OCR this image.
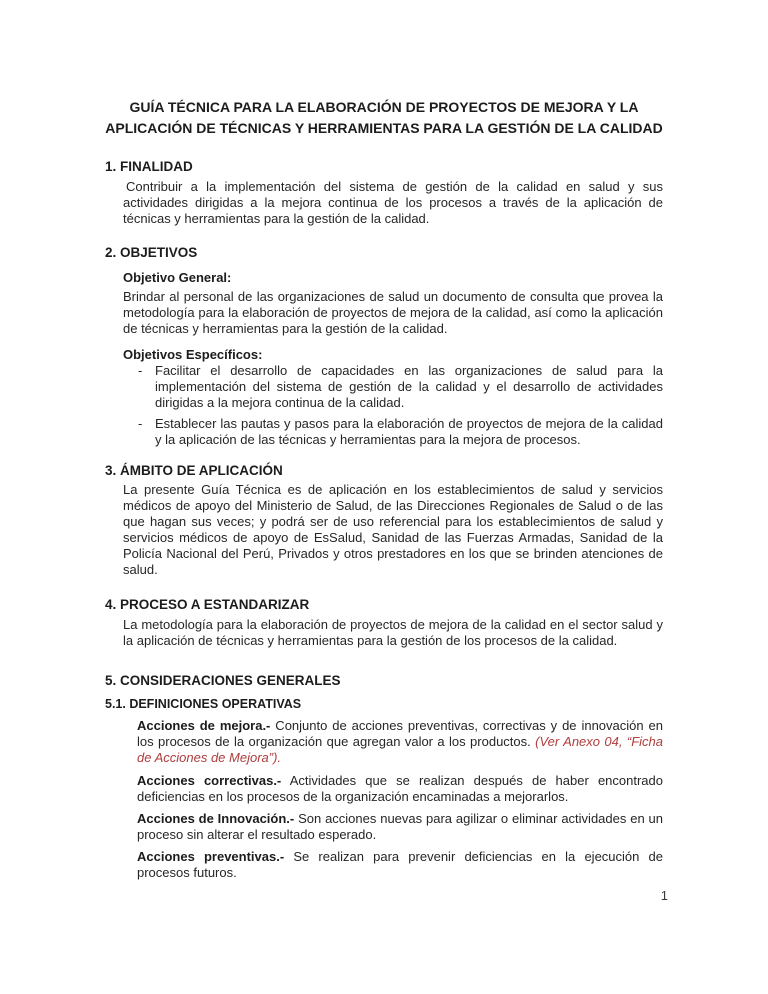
GUÍA TÉCNICA PARA LA ELABORACIÓN DE PROYECTOS DE MEJORA Y LA APLICACIÓN DE TÉCNICAS Y HERRAMIENTAS PARA LA GESTIÓN DE LA CALIDAD
1. FINALIDAD

Contribuir a la implementación del sistema de gestión de la calidad en salud y sus actividades dirigidas a la mejora continua de los procesos a través de la aplicación de técnicas y herramientas para la gestión de la calidad.

2. OBJETIVOS
Objetivo General:

Brindar al personal de las organizaciones de salud un documento de consulta que provea la metodología para la elaboración de proyectos de mejora de la calidad, así como la aplicación de técnicas y herramientas para la gestión de la calidad.

Objetivos Específicos:
- Facilitar el desarrollo de capacidades en las organizaciones de salud para la implementación del sistema de gestión de la calidad y el desarrollo de actividades dirigidas a la mejora continua de la calidad.
- Establecer las pautas y pasos para la elaboración de proyectos de mejora de la calidad y la aplicación de las técnicas y herramientas para la mejora de procesos.
3. ÁMBITO DE APLICACIÓN

La presente Guía Técnica es de aplicación en los establecimientos de salud y servicios médicos de apoyo del Ministerio de Salud, de las Direcciones Regionales de Salud o de las que hagan sus veces; y podrá ser de uso referencial para los establecimientos de salud y servicios médicos de apoyo de EsSalud, Sanidad de las Fuerzas Armadas, Sanidad de la Policía Nacional del Perú, Privados y otros prestadores en los que se brinden atenciones de salud.

4. PROCESO A ESTANDARIZAR

La metodología para la elaboración de proyectos de mejora de la calidad en el sector salud y la aplicación de técnicas y herramientas para la gestión de los procesos de la calidad.

5. CONSIDERACIONES GENERALES
5.1. DEFINICIONES OPERATIVAS

Acciones de mejora.- Conjunto de acciones preventivas, correctivas y de innovación en los procesos de la organización que agregan valor a los productos. (Ver Anexo 04, “Ficha de Acciones de Mejora”).

Acciones correctivas.- Actividades que se realizan después de haber encontrado deficiencias en los procesos de la organización encaminadas a mejorarlos.

Acciones de Innovación.- Son acciones nuevas para agilizar o eliminar actividades en un proceso sin alterar el resultado esperado.

Acciones preventivas.- Se realizan para prevenir deficiencias en la ejecución de procesos futuros.

1
